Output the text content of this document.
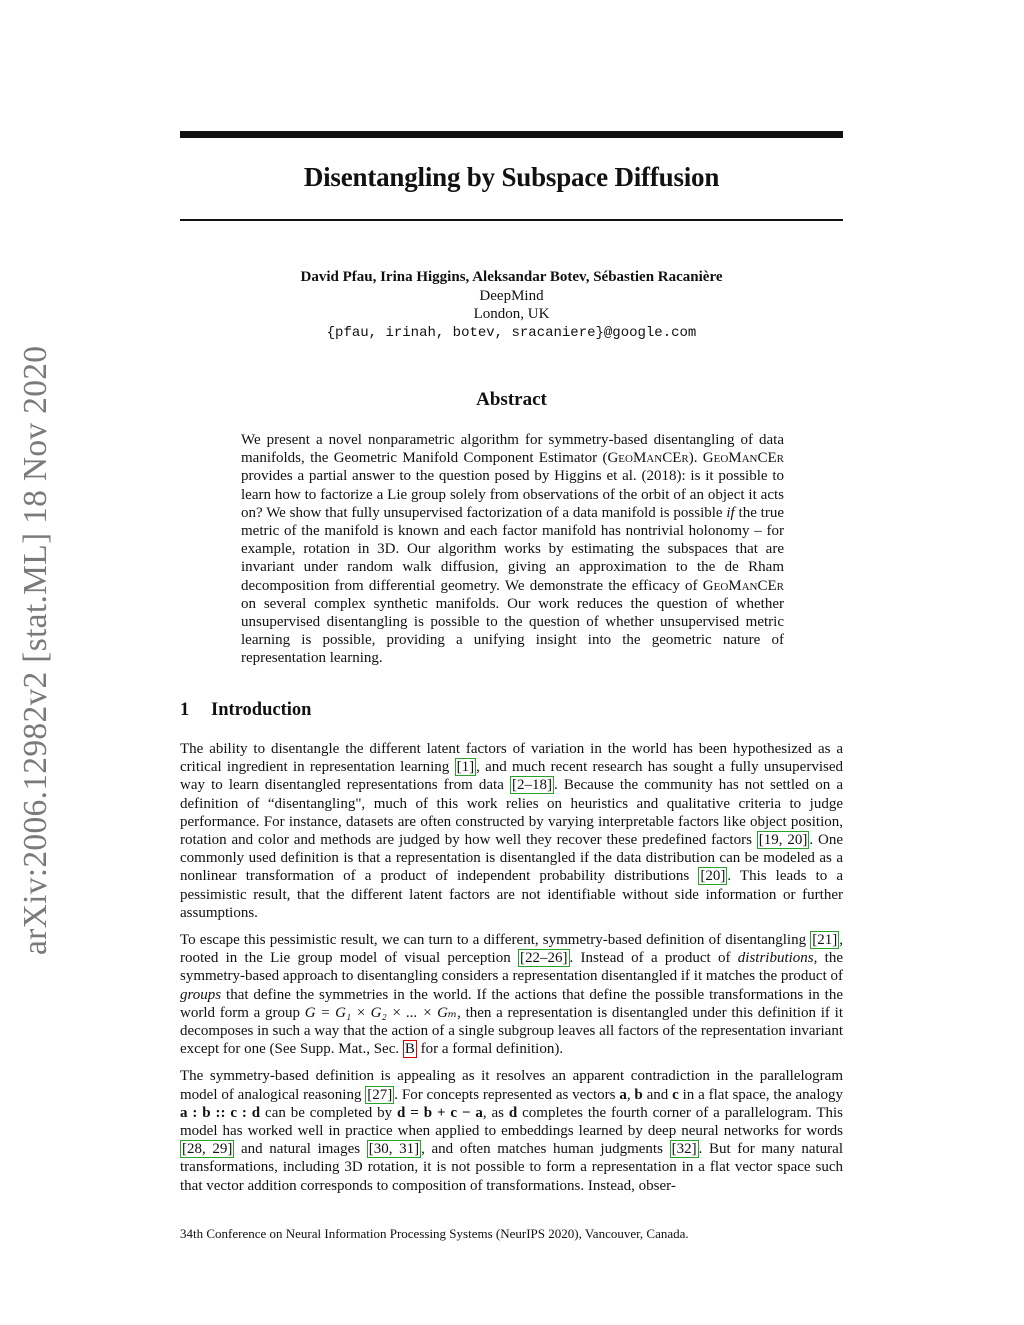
arXiv:2006.12982v2 [stat.ML] 18 Nov 2020
Disentangling by Subspace Diffusion
David Pfau, Irina Higgins, Aleksandar Botev, Sébastien Racanière
DeepMind
London, UK
{pfau, irinah, botev, sracaniere}@google.com
Abstract
We present a novel nonparametric algorithm for symmetry-based disentangling of data manifolds, the Geometric Manifold Component Estimator (GeoManCEr). GeoManCEr provides a partial answer to the question posed by Higgins et al. (2018): is it possible to learn how to factorize a Lie group solely from observations of the orbit of an object it acts on? We show that fully unsupervised factorization of a data manifold is possible if the true metric of the manifold is known and each factor manifold has nontrivial holonomy – for example, rotation in 3D. Our algorithm works by estimating the subspaces that are invariant under random walk diffusion, giving an approximation to the de Rham decomposition from differential geometry. We demonstrate the efficacy of GeoManCEr on several complex synthetic manifolds. Our work reduces the question of whether unsupervised disentangling is possible to the question of whether unsupervised metric learning is possible, providing a unifying insight into the geometric nature of representation learning.
1 Introduction

The ability to disentangle the different latent factors of variation in the world has been hypothesized as a critical ingredient in representation learning [1] , and much recent research has sought a fully unsupervised way to learn disentangled representations from data [2–18] . Because the community has not settled on a definition of “disentangling", much of this work relies on heuristics and qualitative criteria to judge performance. For instance, datasets are often constructed by varying interpretable factors like object position, rotation and color and methods are judged by how well they recover these predefined factors [19, 20] . One commonly used definition is that a representation is disentangled if the data distribution can be modeled as a nonlinear transformation of a product of independent probability distributions [20] . This leads to a pessimistic result, that the different latent factors are not identifiable without side information or further assumptions.

To escape this pessimistic result, we can turn to a different, symmetry-based definition of disentangling [21] , rooted in the Lie group model of visual perception [22–26] . Instead of a product of distributions, the symmetry-based approach to disentangling considers a representation disentangled if it matches the product of groups that define the symmetries in the world. If the actions that define the possible transformations in the world form a group G = G₁ × G₂ × ... × Gₘ, then a representation is disentangled under this definition if it decomposes in such a way that the action of a single subgroup leaves all factors of the representation invariant except for one (See Supp. Mat., Sec. B for a formal definition).

The symmetry-based definition is appealing as it resolves an apparent contradiction in the parallelogram model of analogical reasoning [27] . For concepts represented as vectors a, b and c in a flat space, the analogy a : b :: c : d can be completed by d = b + c − a, as d completes the fourth corner of a parallelogram. This model has worked well in practice when applied to embeddings learned by deep neural networks for words [28, 29] and natural images [30, 31] , and often matches human judgments [32] . But for many natural transformations, including 3D rotation, it is not possible to form a representation in a flat vector space such that vector addition corresponds to composition of transformations. Instead, obser-

34th Conference on Neural Information Processing Systems (NeurIPS 2020), Vancouver, Canada.
